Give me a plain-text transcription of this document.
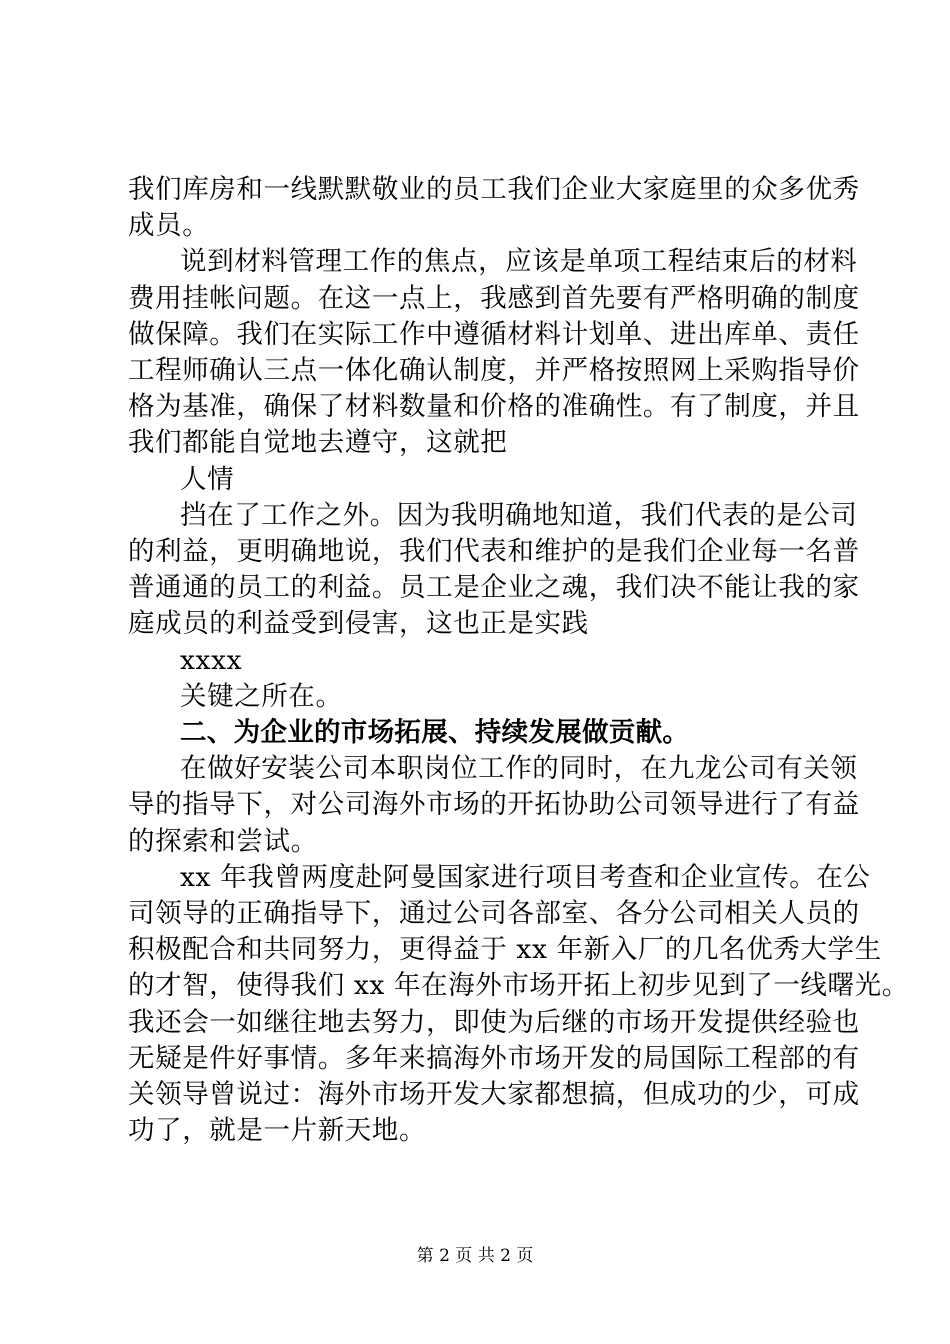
我们库房和一线默默敬业的员工我们企业大家庭里的众多优秀
成员。
说到材料管理工作的焦点，应该是单项工程结束后的材料
费用挂帐问题。在这一点上，我感到首先要有严格明确的制度
做保障。我们在实际工作中遵循材料计划单、进出库单、责任
工程师确认三点一体化确认制度，并严格按照网上采购指导价
格为基准，确保了材料数量和价格的准确性。有了制度，并且
我们都能自觉地去遵守，这就把
人情
挡在了工作之外。因为我明确地知道，我们代表的是公司
的利益，更明确地说，我们代表和维护的是我们企业每一名普
普通通的员工的利益。员工是企业之魂，我们决不能让我的家
庭成员的利益受到侵害，这也正是实践
xxxx
关键之所在。
二、为企业的市场拓展、持续发展做贡献。
在做好安装公司本职岗位工作的同时，在九龙公司有关领
导的指导下，对公司海外市场的开拓协助公司领导进行了有益
的探索和尝试。
xx 年我曾两度赴阿曼国家进行项目考查和企业宣传。在公
司领导的正确指导下，通过公司各部室、各分公司相关人员的
积极配合和共同努力，更得益于 xx 年新入厂的几名优秀大学生
的才智，使得我们 xx 年在海外市场开拓上初步见到了一线曙光。
我还会一如继往地去努力，即使为后继的市场开发提供经验也
无疑是件好事情。多年来搞海外市场开发的局国际工程部的有
关领导曾说过：海外市场开发大家都想搞，但成功的少，可成
功了，就是一片新天地。
第 2 页 共 2 页
